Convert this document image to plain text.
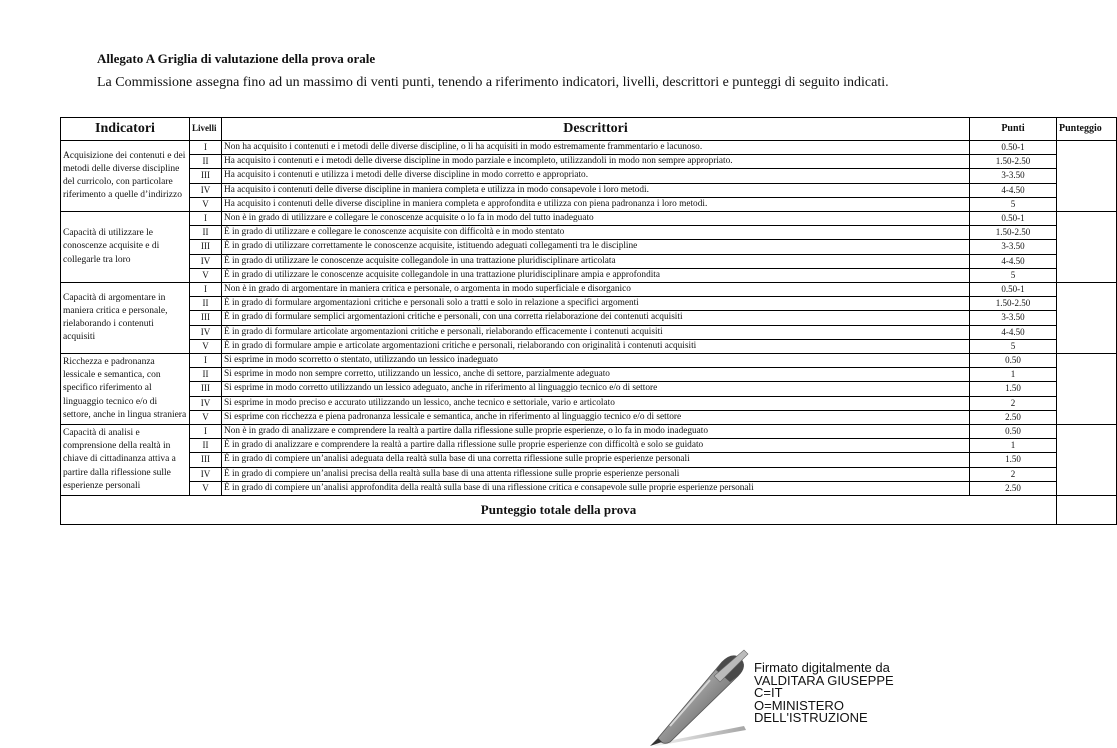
Allegato A Griglia di valutazione della prova orale
La Commissione assegna fino ad un massimo di venti punti, tenendo a riferimento indicatori, livelli, descrittori e punteggi di seguito indicati.
Indicatori	Livelli	Descrittori	Punti	Punteggio
Acquisizione dei contenuti e dei metodi delle diverse discipline del curricolo, con particolare riferimento a quelle d’indirizzo	I	Non ha acquisito i contenuti e i metodi delle diverse discipline, o li ha acquisiti in modo estremamente frammentario e lacunoso.	0.50-1	
	II	Ha acquisito i contenuti e i metodi delle diverse discipline in modo parziale e incompleto, utilizzandoli in modo non sempre appropriato.	1.50-2.50	
	III	Ha acquisito i contenuti e utilizza i metodi delle diverse discipline in modo corretto e appropriato.	3-3.50	
	IV	Ha acquisito i contenuti delle diverse discipline in maniera completa e utilizza in modo consapevole i loro metodi.	4-4.50	
	V	Ha acquisito i contenuti delle diverse discipline in maniera completa e approfondita e utilizza con piena padronanza i loro metodi.	5	
Capacità di utilizzare le conoscenze acquisite e di collegarle tra loro	I	Non è in grado di utilizzare e collegare le conoscenze acquisite o lo fa in modo del tutto inadeguato	0.50-1	
	II	È in grado di utilizzare e collegare le conoscenze acquisite con difficoltà e in modo stentato	1.50-2.50	
	III	È in grado di utilizzare correttamente le conoscenze acquisite, istituendo adeguati collegamenti tra le discipline	3-3.50	
	IV	È in grado di utilizzare le conoscenze acquisite collegandole in una trattazione pluridisciplinare articolata	4-4.50	
	V	È in grado di utilizzare le conoscenze acquisite collegandole in una trattazione pluridisciplinare ampia e approfondita	5	
Capacità di argomentare in maniera critica e personale, rielaborando i contenuti acquisiti	I	Non è in grado di argomentare in maniera critica e personale, o argomenta in modo superficiale e disorganico	0.50-1	
	II	È in grado di formulare argomentazioni critiche e personali solo a tratti e solo in relazione a specifici argomenti	1.50-2.50	
	III	È in grado di formulare semplici argomentazioni critiche e personali, con una corretta rielaborazione dei contenuti acquisiti	3-3.50	
	IV	È in grado di formulare articolate argomentazioni critiche e personali, rielaborando efficacemente i contenuti acquisiti	4-4.50	
	V	È in grado di formulare ampie e articolate argomentazioni critiche e personali, rielaborando con originalità i contenuti acquisiti	5	
Ricchezza e padronanza lessicale e semantica, con specifico riferimento al linguaggio tecnico e/o di settore, anche in lingua straniera	I	Si esprime in modo scorretto o stentato, utilizzando un lessico inadeguato	0.50	
	II	Si esprime in modo non sempre corretto, utilizzando un lessico, anche di settore, parzialmente adeguato	1	
	III	Si esprime in modo corretto utilizzando un lessico adeguato, anche in riferimento al linguaggio tecnico e/o di settore	1.50	
	IV	Si esprime in modo preciso e accurato utilizzando un lessico, anche tecnico e settoriale, vario e articolato	2	
	V	Si esprime con ricchezza e piena padronanza lessicale e semantica, anche in riferimento al linguaggio tecnico e/o di settore	2.50	
Capacità di analisi e comprensione della realtà in chiave di cittadinanza attiva a partire dalla riflessione sulle esperienze personali	I	Non è in grado di analizzare e comprendere la realtà a partire dalla riflessione sulle proprie esperienze, o lo fa in modo inadeguato	0.50	
	II	È in grado di analizzare e comprendere la realtà a partire dalla riflessione sulle proprie esperienze con difficoltà e solo se guidato	1	
	III	È in grado di compiere un’analisi adeguata della realtà sulla base di una corretta riflessione sulle proprie esperienze personali	1.50	
	IV	È in grado di compiere un’analisi precisa della realtà sulla base di una attenta riflessione sulle proprie esperienze personali	2	
	V	È in grado di compiere un’analisi approfondita della realtà sulla base di una riflessione critica e consapevole sulle proprie esperienze personali	2.50	
Punteggio totale della prova				
Firmato digitalmente da
VALDITARA GIUSEPPE
C=IT
O=MINISTERO
DELL'ISTRUZIONE
